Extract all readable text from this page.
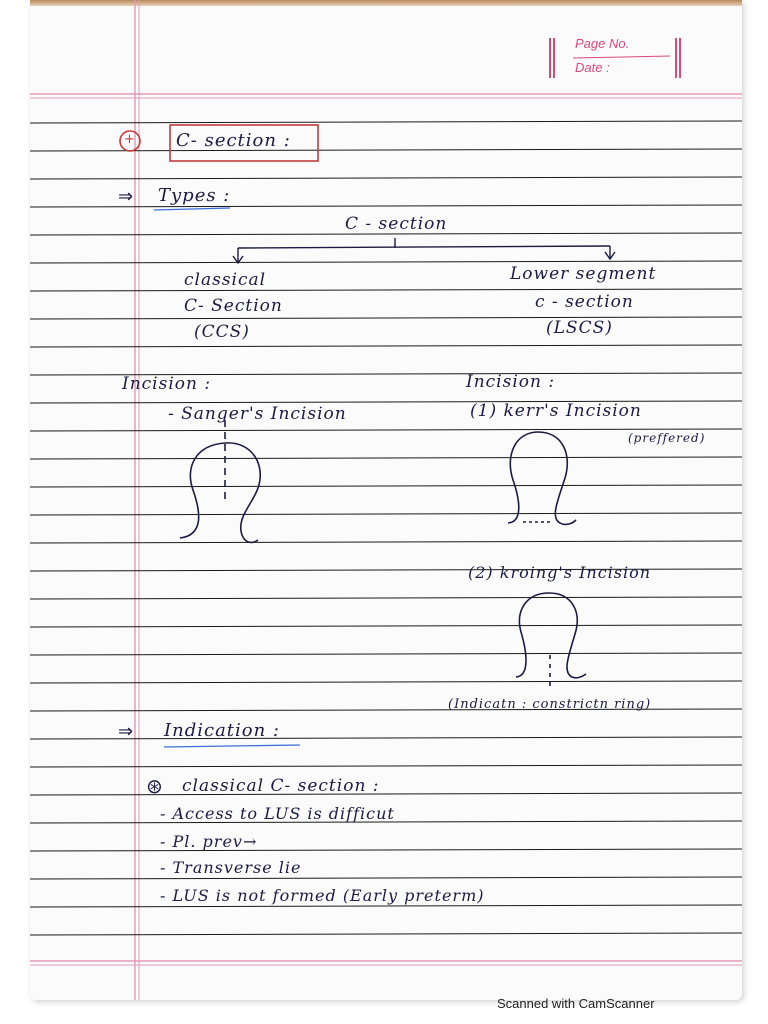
Page No.
Date :
+ C- section :
⇒ Types :
C - section
classical
C- Section
(CCS)
Lower segment
c - section
(LSCS)
Incision :
- Sanger's Incision
Incision :
(1) kerr's Incision
(preffered)
(2) kroing's Incision
(Indicatn : constrictn ring)
⇒ Indication :
⊛ classical C- section :
- Access to LUS is difficut
- Pl. prev→
- Transverse lie
- LUS is not formed (Early preterm)
Scanned with CamScanner
